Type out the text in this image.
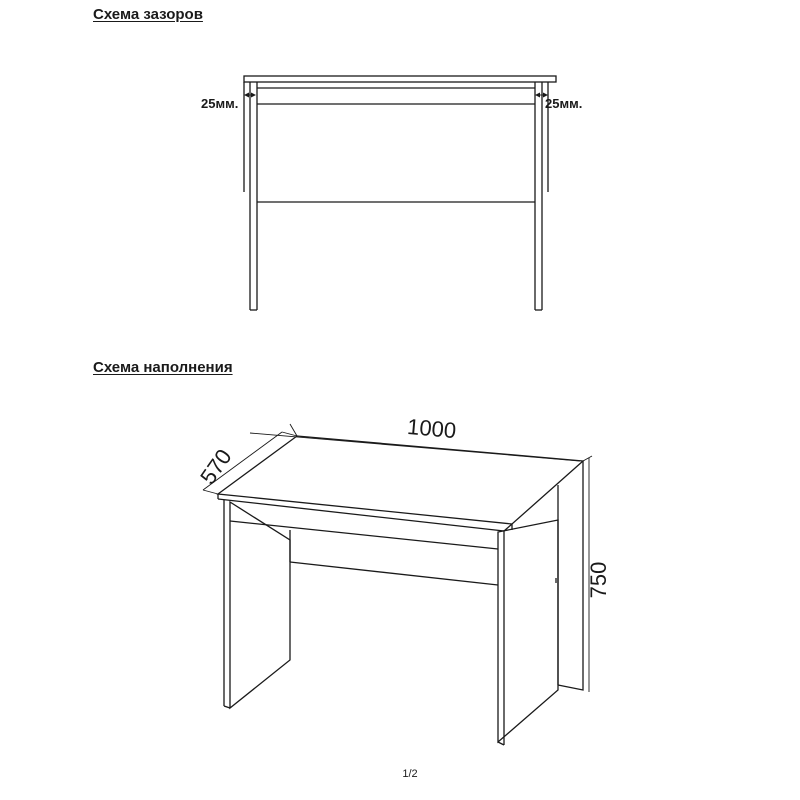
Схема зазоров
Схема наполнения
25мм.	25мм.
570
1000
750
1/2
